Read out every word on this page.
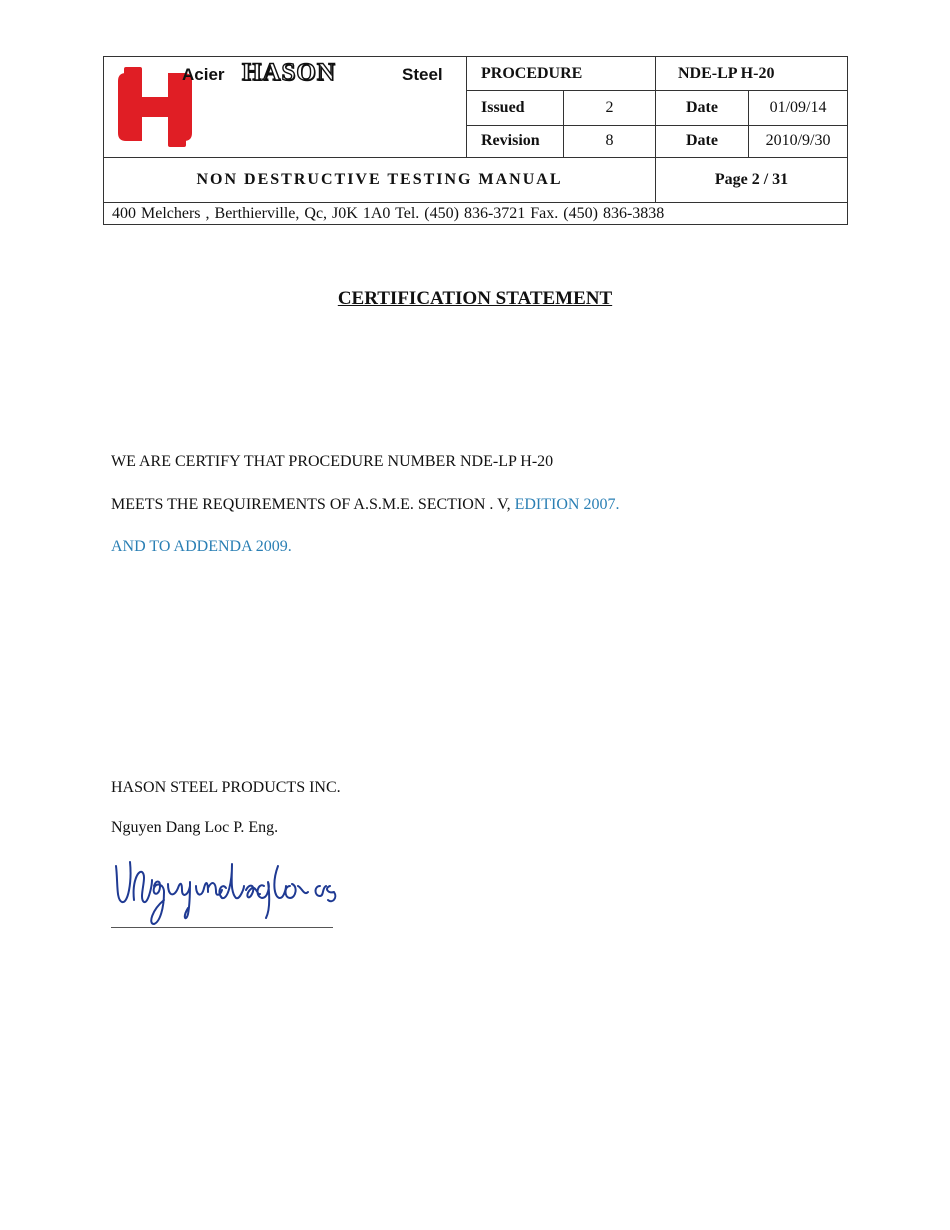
Acier HASON Steel	PROCEDURE		NDE-LP H-20	
	Issued	2	Date	01/09/14
	Revision	8	Date	2010/9/30
NON DESTRUCTIVE TESTING MANUAL			Page 2 / 31	
400 Melchers , Berthierville, Qc, J0K 1A0 Tel. (450) 836-3721 Fax. (450) 836-3838				
CERTIFICATION STATEMENT
WE ARE CERTIFY THAT PROCEDURE NUMBER NDE-LP H-20
MEETS THE REQUIREMENTS OF A.S.M.E. SECTION . V, EDITION 2007.
AND TO ADDENDA 2009.
HASON STEEL PRODUCTS INC.
Nguyen Dang Loc P. Eng.
